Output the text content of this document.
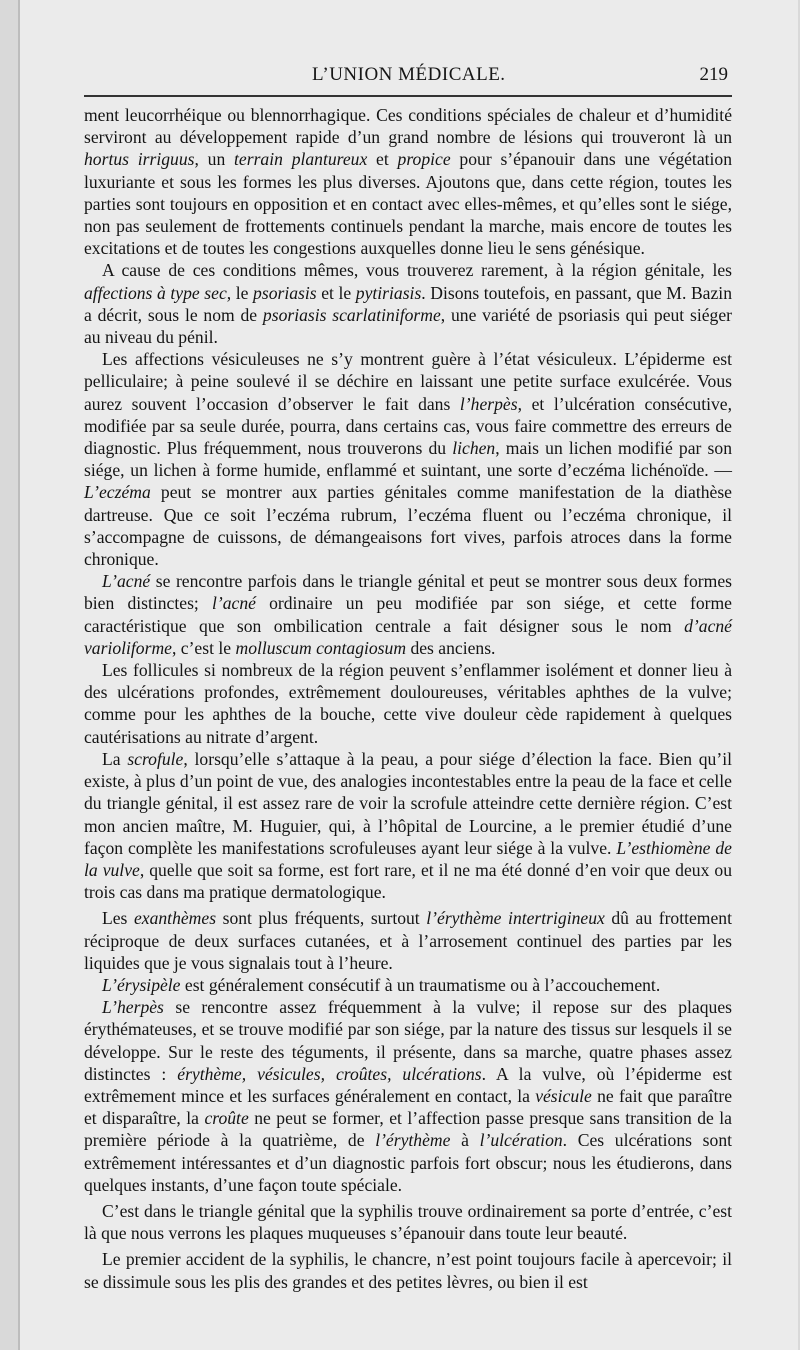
L’UNION MÉDICALE.	219

ment leucorrhéique ou blennorrhagique. Ces conditions spéciales de chaleur et d’humidité serviront au développement rapide d’un grand nombre de lésions qui trouveront là un hortus irriguus, un terrain plantureux et propice pour s’épanouir dans une végétation luxuriante et sous les formes les plus diverses. Ajoutons que, dans cette région, toutes les parties sont toujours en opposition et en contact avec elles-mêmes, et qu’elles sont le siége, non pas seulement de frottements continuels pendant la marche, mais encore de toutes les excitations et de toutes les congestions auxquelles donne lieu le sens génésique.

A cause de ces conditions mêmes, vous trouverez rarement, à la région génitale, les affections à type sec, le psoriasis et le pytiriasis. Disons toutefois, en passant, que M. Bazin a décrit, sous le nom de psoriasis scarlatiniforme, une variété de psoriasis qui peut siéger au niveau du pénil.

Les affections vésiculeuses ne s’y montrent guère à l’état vésiculeux. L’épiderme est pelliculaire; à peine soulevé il se déchire en laissant une petite surface exulcérée. Vous aurez souvent l’occasion d’observer le fait dans l’herpès, et l’ulcération consécutive, modifiée par sa seule durée, pourra, dans certains cas, vous faire commettre des erreurs de diagnostic. Plus fréquemment, nous trouverons du lichen, mais un lichen modifié par son siége, un lichen à forme humide, enflammé et suintant, une sorte d’eczéma lichénoïde. — L’eczéma peut se montrer aux parties génitales comme manifestation de la diathèse dartreuse. Que ce soit l’eczéma rubrum, l’eczéma fluent ou l’eczéma chronique, il s’accompagne de cuissons, de démangeaisons fort vives, parfois atroces dans la forme chronique.

L’acné se rencontre parfois dans le triangle génital et peut se montrer sous deux formes bien distinctes; l’acné ordinaire un peu modifiée par son siége, et cette forme caractéristique que son ombilication centrale a fait désigner sous le nom d’acné varioliforme, c’est le molluscum contagiosum des anciens.

Les follicules si nombreux de la région peuvent s’enflammer isolément et donner lieu à des ulcérations profondes, extrêmement douloureuses, véritables aphthes de la vulve; comme pour les aphthes de la bouche, cette vive douleur cède rapidement à quelques cautérisations au nitrate d’argent.

La scrofule, lorsqu’elle s’attaque à la peau, a pour siége d’élection la face. Bien qu’il existe, à plus d’un point de vue, des analogies incontestables entre la peau de la face et celle du triangle génital, il est assez rare de voir la scrofule atteindre cette dernière région. C’est mon ancien maître, M. Huguier, qui, à l’hôpital de Lourcine, a le premier étudié d’une façon complète les manifestations scrofuleuses ayant leur siége à la vulve. L’esthiomène de la vulve, quelle que soit sa forme, est fort rare, et il ne ma été donné d’en voir que deux ou trois cas dans ma pratique dermatologique.

Les exanthèmes sont plus fréquents, surtout l’érythème intertrigineux dû au frottement réciproque de deux surfaces cutanées, et à l’arrosement continuel des parties par les liquides que je vous signalais tout à l’heure.

L’érysipèle est généralement consécutif à un traumatisme ou à l’accouchement.

L’herpès se rencontre assez fréquemment à la vulve; il repose sur des plaques érythémateuses, et se trouve modifié par son siége, par la nature des tissus sur lesquels il se développe. Sur le reste des téguments, il présente, dans sa marche, quatre phases assez distinctes : érythème, vésicules, croûtes, ulcérations. A la vulve, où l’épiderme est extrêmement mince et les surfaces généralement en contact, la vésicule ne fait que paraître et disparaître, la croûte ne peut se former, et l’affection passe presque sans transition de la première période à la quatrième, de l’érythème à l’ulcération. Ces ulcérations sont extrêmement intéressantes et d’un diagnostic parfois fort obscur; nous les étudierons, dans quelques instants, d’une façon toute spéciale.

C’est dans le triangle génital que la syphilis trouve ordinairement sa porte d’entrée, c’est là que nous verrons les plaques muqueuses s’épanouir dans toute leur beauté.

Le premier accident de la syphilis, le chancre, n’est point toujours facile à apercevoir; il se dissimule sous les plis des grandes et des petites lèvres, ou bien il est
